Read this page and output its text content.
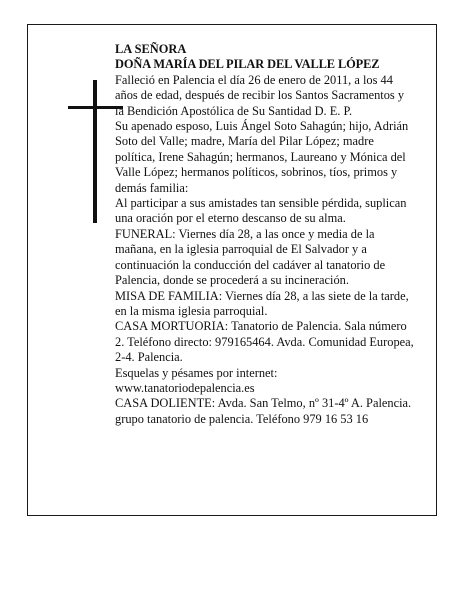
LA SEÑORA

DOÑA MARÍA DEL PILAR DEL VALLE LÓPEZ

Falleció en Palencia el día 26 de enero de 2011, a los 44 años de edad, después de recibir los Santos Sacramentos y la Bendición Apostólica de Su Santidad D. E. P.

Su apenado esposo, Luis Ángel Soto Sahagún; hijo, Adrián Soto del Valle; madre, María del Pilar López; madre política, Irene Sahagún; hermanos, Laureano y Mónica del Valle López; hermanos políticos, sobrinos, tíos, primos y demás familia:

Al participar a sus amistades tan sensible pérdida, suplican una oración por el eterno descanso de su alma.

FUNERAL: Viernes día 28, a las once y media de la mañana, en la iglesia parroquial de El Salvador y a continuación la conducción del cadáver al tanatorio de Palencia, donde se procederá a su incineración.

MISA DE FAMILIA: Viernes día 28, a las siete de la tarde, en la misma iglesia parroquial.

CASA MORTUORIA: Tanatorio de Palencia. Sala número 2. Teléfono directo: 979165464. Avda. Comunidad Europea, 2-4. Palencia.

Esquelas y pésames por internet: www.tanatoriodepalencia.es

CASA DOLIENTE: Avda. San Telmo, nº 31-4º A. Palencia.

grupo tanatorio de palencia. Teléfono 979 16 53 16
